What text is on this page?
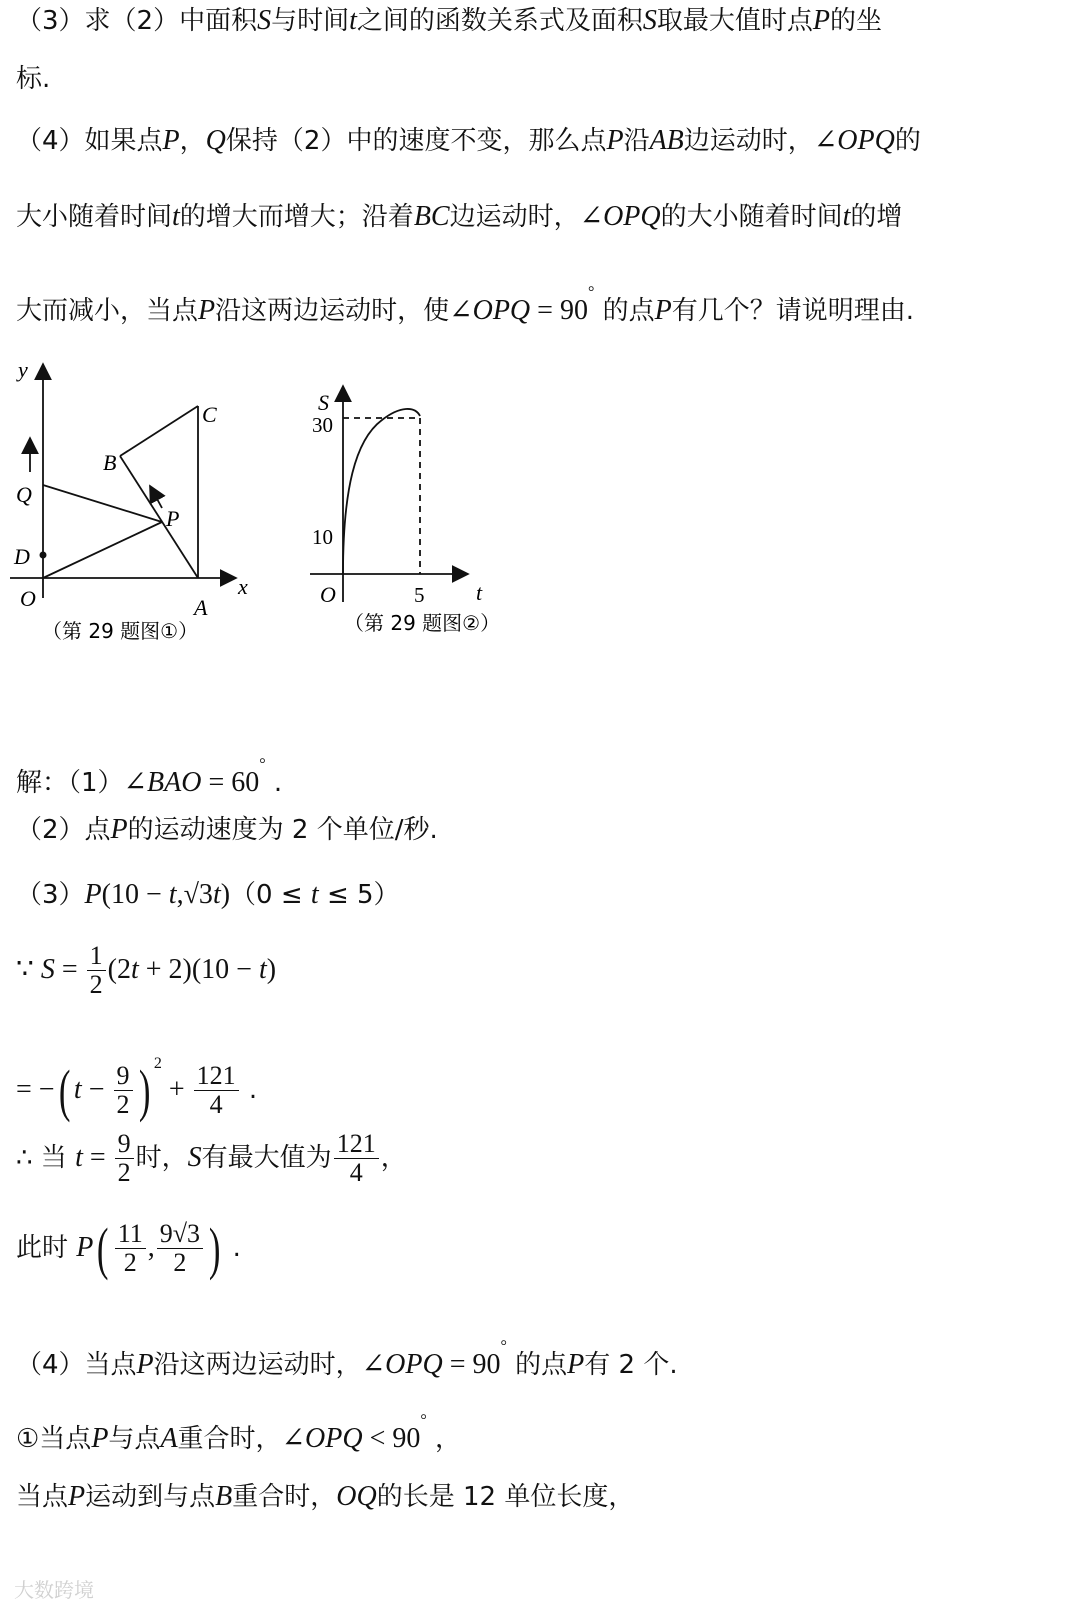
（3）求（2）中面积S与时间t之间的函数关系式及面积S取最大值时点P的坐
标.
（4）如果点P，Q保持（2）中的速度不变，那么点P沿AB边运动时，∠OPQ的
大小随着时间t的增大而增大；沿着BC边运动时，∠OPQ的大小随着时间t的增
大而减小，当点P沿这两边运动时，使∠OPQ = 90° 的点P有几个？请说明理由.
y
x
O	A
B
C
P
Q
D
（第 29 题图①）
S
30
10
O	5 t
（第 29 题图②）
解：（1）∠BAO = 60° .
（2）点P的运动速度为 2 个单位/秒.
（3）P(10 − t,√3t)（0 ≤ t ≤ 5）
∵ $S = \frac{1}{2} (2t + 2)(10 - t)$
= −( $t - \frac{9}{2}$ ) $^2 + \frac{121}{4}$ .
∴ 当 $t = \frac{9}{2}$ 时，S有最大值为 $\frac{121}{4}$ ，
此时 $P( \frac{11}{2}$ , $\frac{9√3}{2}$ ) .
（4）当点P沿这两边运动时，∠OPQ = 90° 的点P有 2 个.
①当点P与点A重合时，∠OPQ < 90° ，
当点P运动到与点B重合时，OQ的长是 12 单位长度，
大数跨境
